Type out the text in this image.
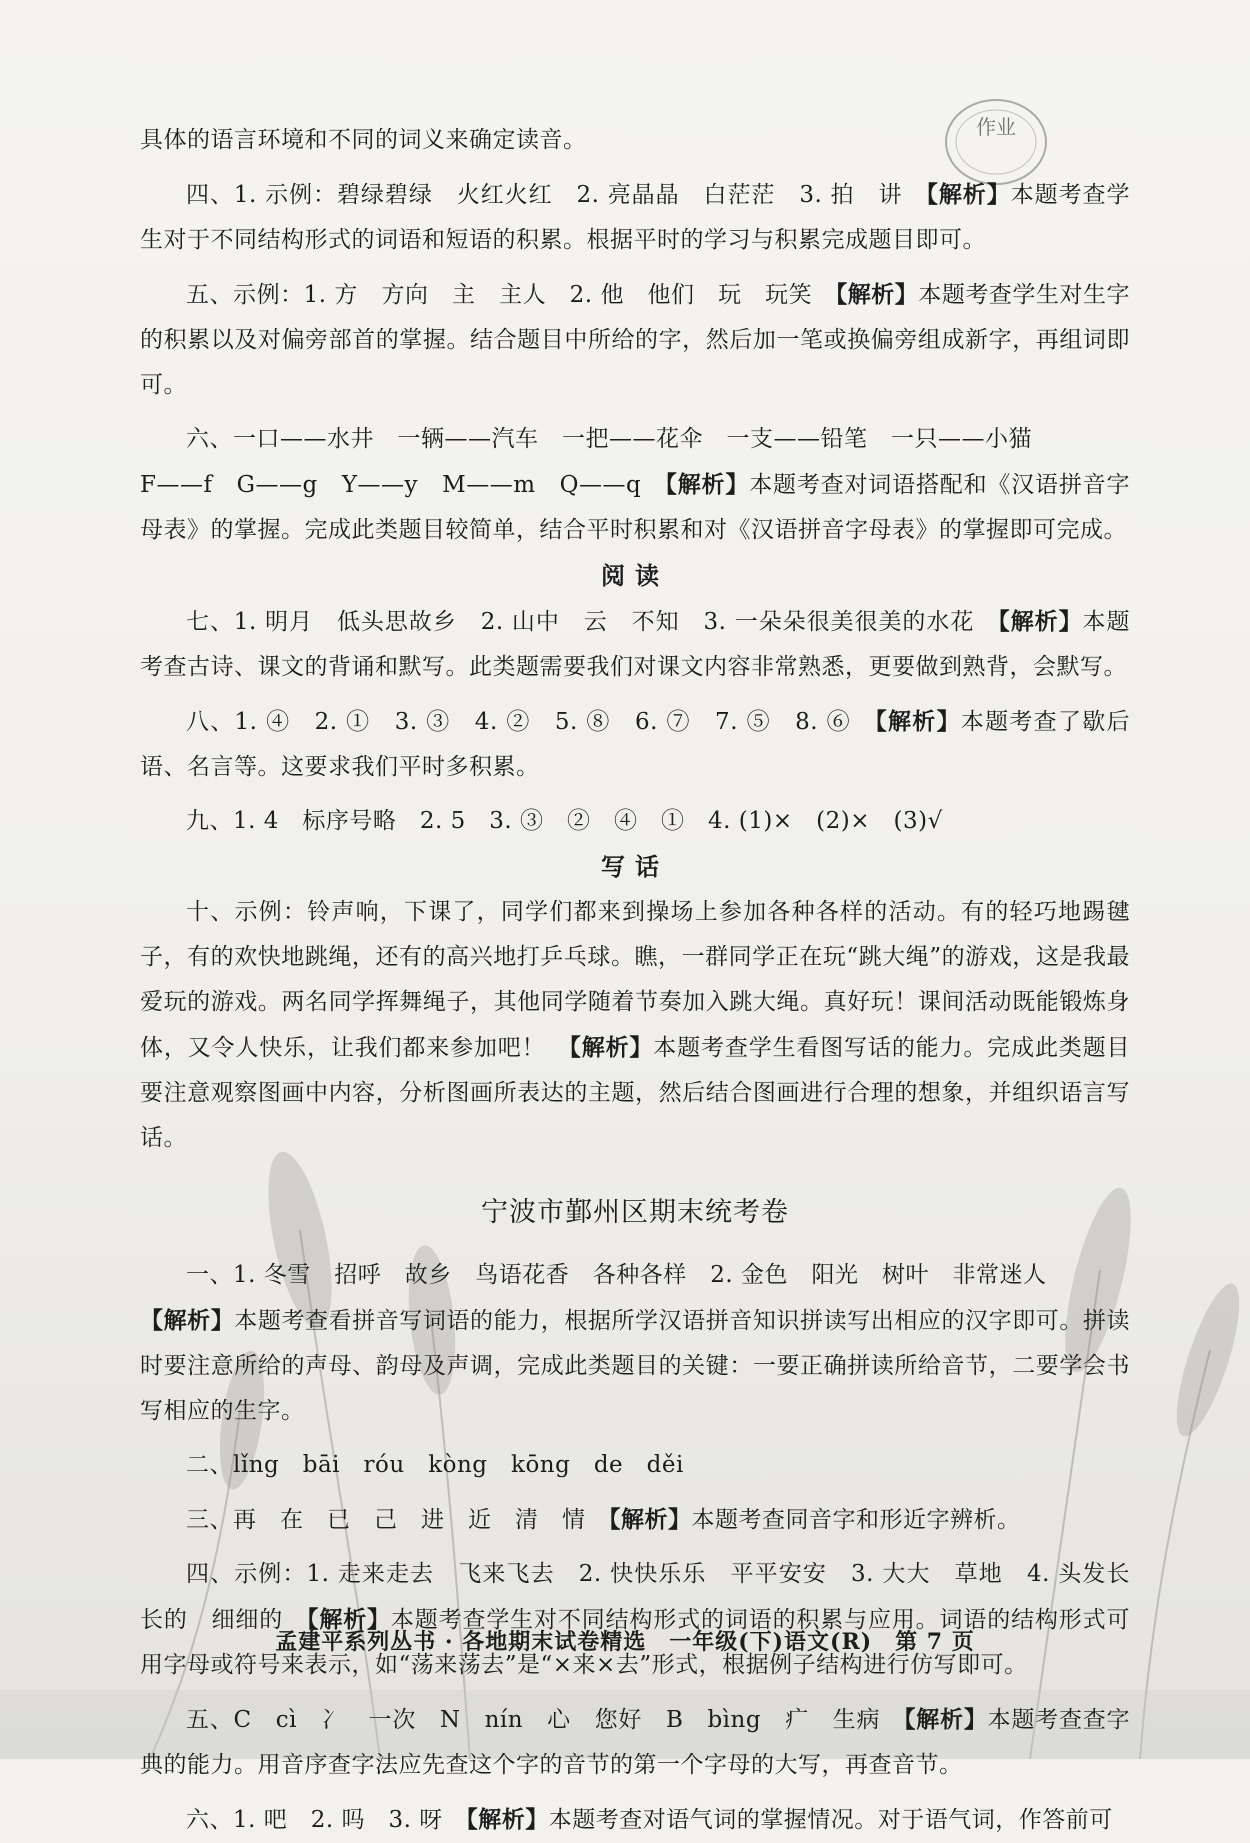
作业

具体的语言环境和不同的词义来确定读音。

四、1. 示例：碧绿碧绿　火红火红　2. 亮晶晶　白茫茫　3. 拍　讲　【解析】本题考查学生对于不同结构形式的词语和短语的积累。根据平时的学习与积累完成题目即可。

五、示例：1. 方　方向　主　主人　2. 他　他们　玩　玩笑　【解析】本题考查学生对生字的积累以及对偏旁部首的掌握。结合题目中所给的字，然后加一笔或换偏旁组成新字，再组词即可。

六、一口——水井　一辆——汽车　一把——花伞　一支——铅笔　一只——小猫

F——f　G——g　Y——y　M——m　Q——q　【解析】本题考查对词语搭配和《汉语拼音字母表》的掌握。完成此类题目较简单，结合平时积累和对《汉语拼音字母表》的掌握即可完成。

阅读

七、1. 明月　低头思故乡　2. 山中　云　不知　3. 一朵朵很美很美的水花　【解析】本题考查古诗、课文的背诵和默写。此类题需要我们对课文内容非常熟悉，更要做到熟背，会默写。

八、1. ④　2. ①　3. ③　4. ②　5. ⑧　6. ⑦　7. ⑤　8. ⑥　【解析】本题考查了歇后语、名言等。这要求我们平时多积累。

九、1. 4　标序号略　2. 5　3. ③　②　④　①　4. (1)×　(2)×　(3)√

写话

十、示例：铃声响，下课了，同学们都来到操场上参加各种各样的活动。有的轻巧地踢毽子，有的欢快地跳绳，还有的高兴地打乒乓球。瞧，一群同学正在玩“跳大绳”的游戏，这是我最爱玩的游戏。两名同学挥舞绳子，其他同学随着节奏加入跳大绳。真好玩！课间活动既能锻炼身体，又令人快乐，让我们都来参加吧！　【解析】本题考查学生看图写话的能力。完成此类题目要注意观察图画中内容，分析图画所表达的主题，然后结合图画进行合理的想象，并组织语言写话。

宁波市鄞州区期末统考卷

一、1. 冬雪　招呼　故乡　鸟语花香　各种各样　2. 金色　阳光　树叶　非常迷人

【解析】本题考查看拼音写词语的能力，根据所学汉语拼音知识拼读写出相应的汉字即可。拼读时要注意所给的声母、韵母及声调，完成此类题目的关键：一要正确拼读所给音节，二要学会书写相应的生字。

二、lǐng　bāi　róu　kòng　kōng　de　děi

三、再　在　已　己　进　近　清　情　【解析】本题考查同音字和形近字辨析。

四、示例：1. 走来走去　飞来飞去　2. 快快乐乐　平平安安　3. 大大　草地　4. 头发长长的　细细的　【解析】本题考查学生对不同结构形式的词语的积累与应用。词语的结构形式可用字母或符号来表示，如“荡来荡去”是“×来×去”形式，根据例子结构进行仿写即可。

五、C　cì　冫　一次　N　nín　心　您好　B　bìng　疒　生病　【解析】本题考查查字典的能力。用音序查字法应先查这个字的音节的第一个字母的大写，再查音节。

六、1. 吧　2. 吗　3. 呀　【解析】本题考查对语气词的掌握情况。对于语气词，作答前可

孟建平系列丛书 · 各地期末试卷精选　一年级(下)语文(R)　第 7 页
